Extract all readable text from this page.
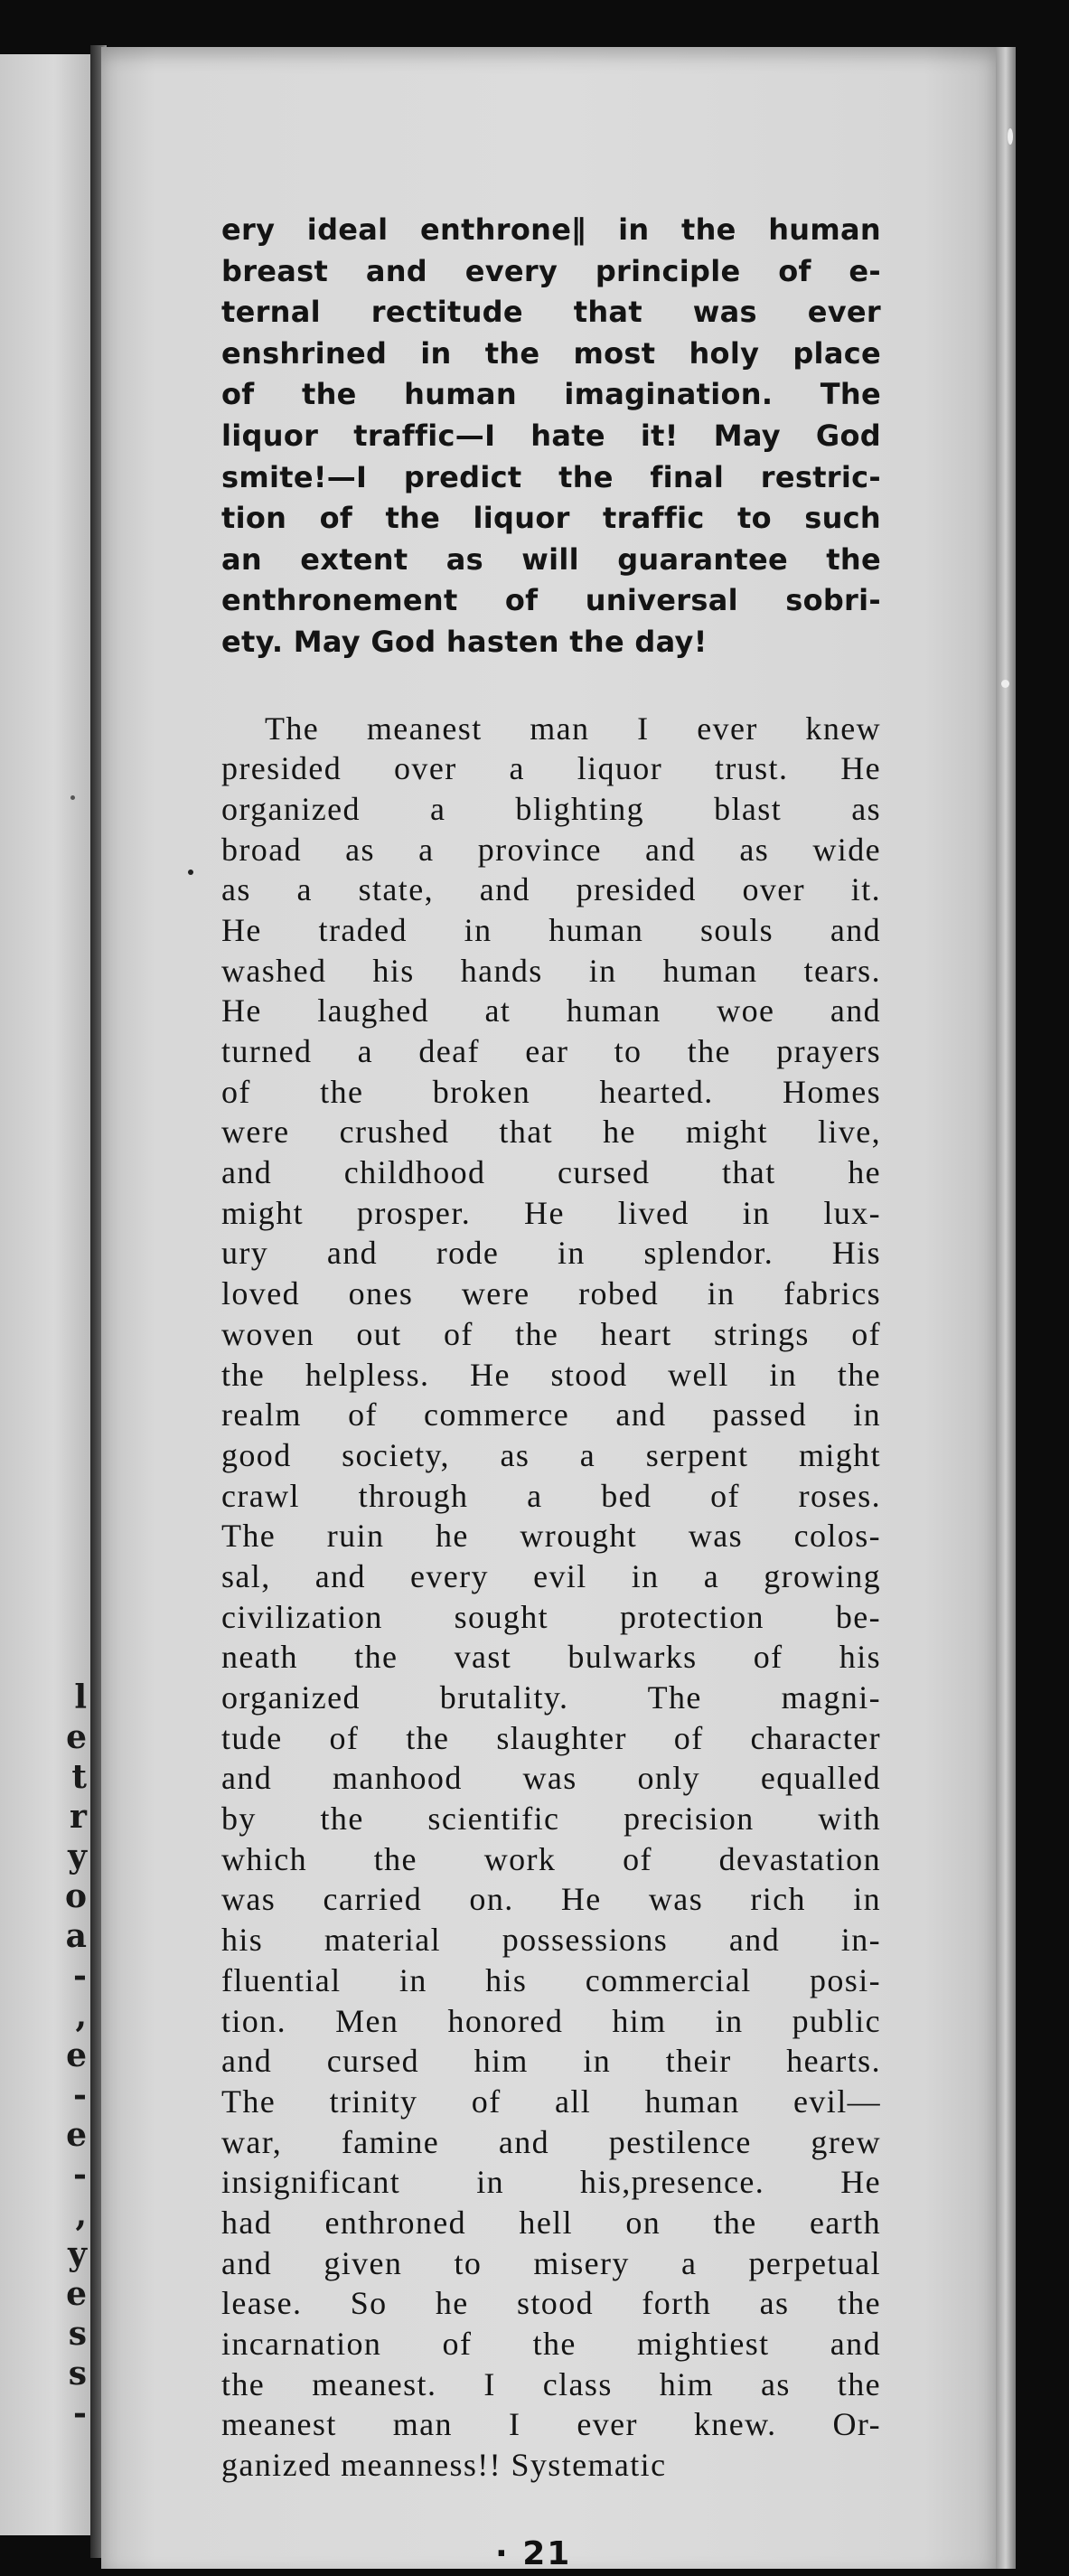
l
e
t
r
y
o
a
-
,
e
-
e
-
,
y
e
s
s
-

ery ideal enthrone∥ in the human
breast and every principle of e-
ternal rectitude that was ever
enshrined in the most holy place
of the human imagination. The
liquor traffic—I hate it! May God
smite!—I predict the final restric-
tion of the liquor traffic to such
an extent as will guarantee the
enthronement of universal sobri-
ety. May God hasten the day!

The meanest man I ever knew
presided over a liquor trust. He
organized a blighting blast as
broad as a province and as wide
as a state, and presided over it.
He traded in human souls and
washed his hands in human tears.
He laughed at human woe and
turned a deaf ear to the prayers
of the broken hearted. Homes
were crushed that he might live,
and childhood cursed that he
might prosper. He lived in lux-
ury and rode in splendor. His
loved ones were robed in fabrics
woven out of the heart strings of
the helpless. He stood well in the
realm of commerce and passed in
good society, as a serpent might
crawl through a bed of roses.
The ruin he wrought was colos-
sal, and every evil in a growing
civilization sought protection be-
neath the vast bulwarks of his
organized brutality. The magni-
tude of the slaughter of character
and manhood was only equalled
by the scientific precision with
which the work of devastation
was carried on. He was rich in
his material possessions and in-
fluential in his commercial posi-
tion. Men honored him in public
and cursed him in their hearts.
The trinity of all human evil—
war, famine and pestilence grew
insignificant in his,presence. He
had enthroned hell on the earth
and given to misery a perpetual
lease. So he stood forth as the
incarnation of the mightiest and
the meanest. I class him as the
meanest man I ever knew. Or-
ganized meanness!! Systematic

· 21
